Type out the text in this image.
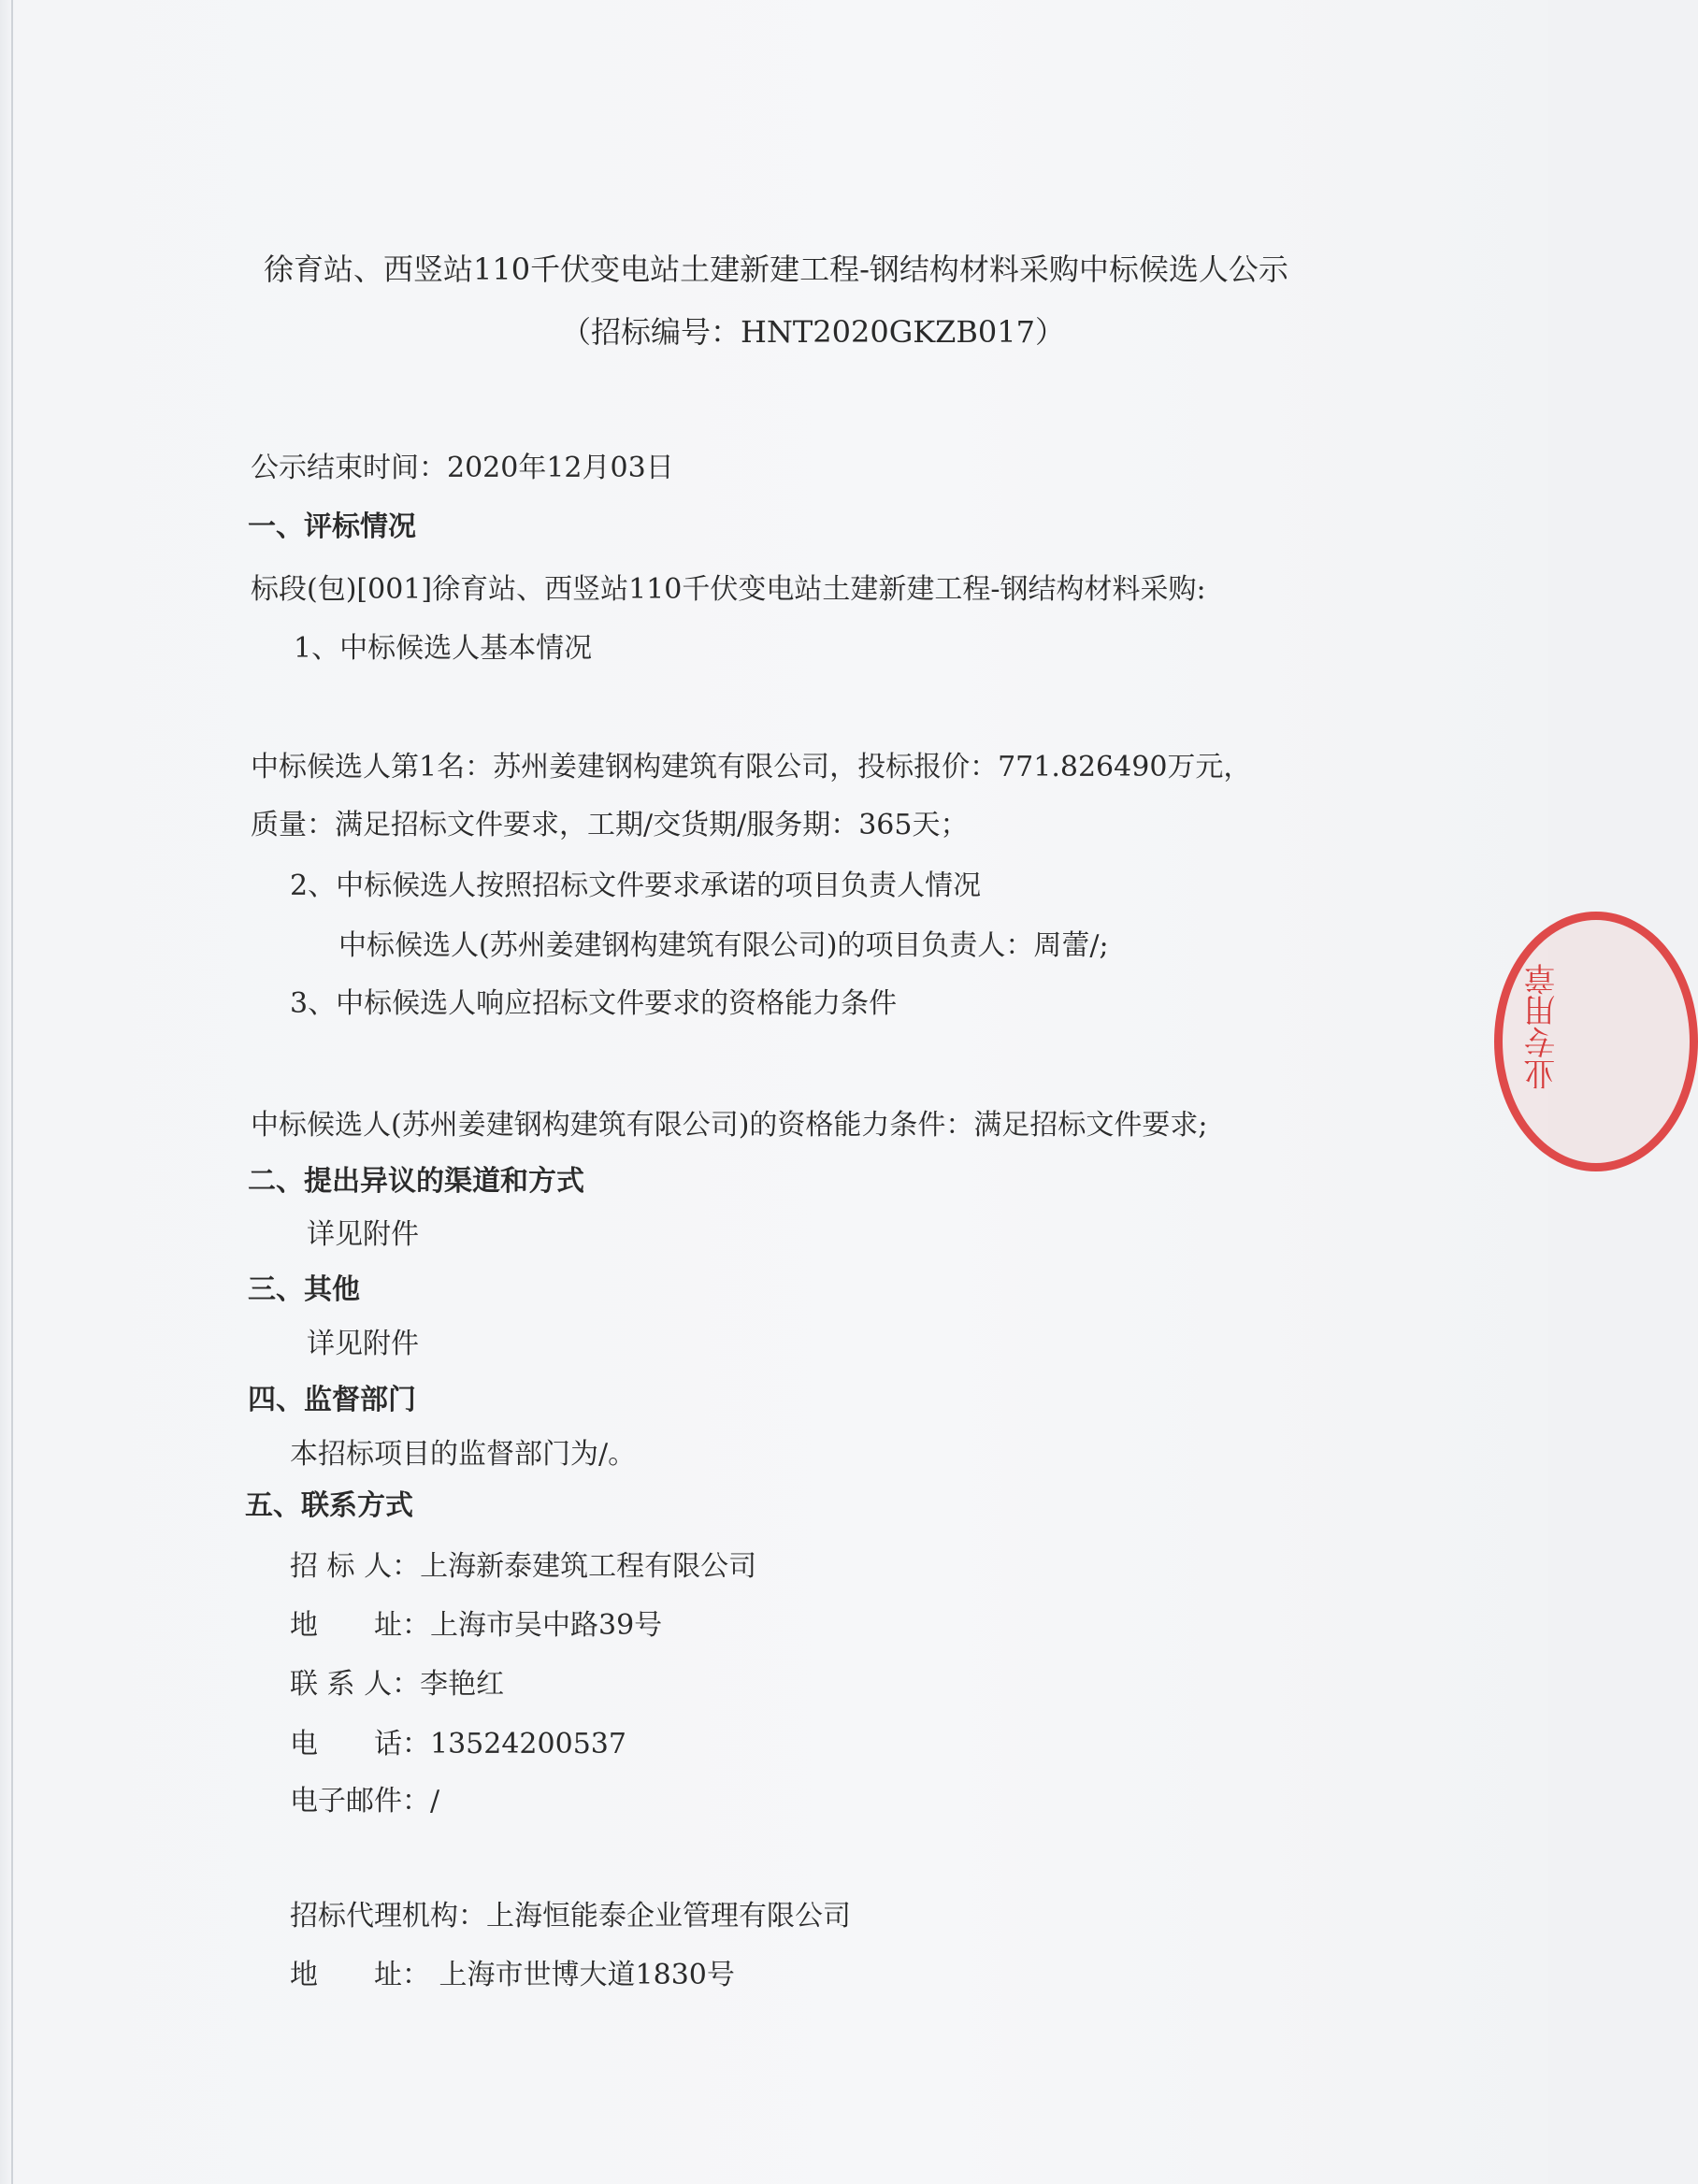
徐育站、西竖站110千伏变电站土建新建工程-钢结构材料采购中标候选人公示
（招标编号：HNT2020GKZB017）
公示结束时间：2020年12月03日
一、评标情况
标段(包)[001]徐育站、西竖站110千伏变电站土建新建工程-钢结构材料采购:
1、中标候选人基本情况
中标候选人第1名：苏州姜建钢构建筑有限公司，投标报价：771.826490万元，
质量：满足招标文件要求，工期/交货期/服务期：365天；
2、中标候选人按照招标文件要求承诺的项目负责人情况
中标候选人(苏州姜建钢构建筑有限公司)的项目负责人：周蕾/;
3、中标候选人响应招标文件要求的资格能力条件
中标候选人(苏州姜建钢构建筑有限公司)的资格能力条件：满足招标文件要求;
二、提出异议的渠道和方式
详见附件
三、其他
详见附件
四、监督部门
本招标项目的监督部门为/。
五、联系方式
招 标 人：上海新泰建筑工程有限公司
地　　址：上海市吴中路39号
联 系 人：李艳红
电　　话：13524200537
电子邮件：/
招标代理机构：上海恒能泰企业管理有限公司
地　　址： 上海市世博大道1830号
业专用章
